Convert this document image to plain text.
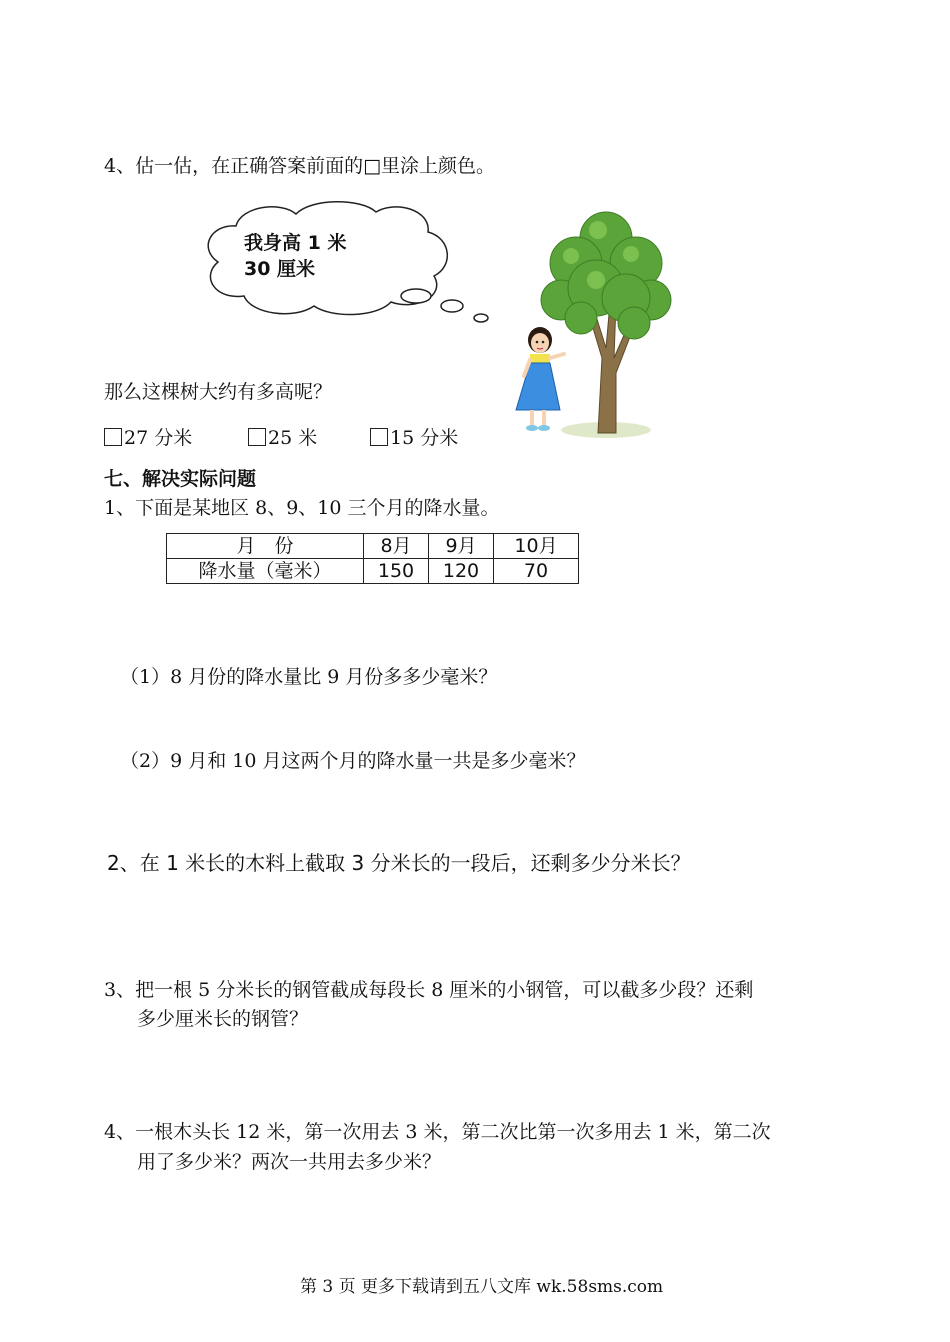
4、估一估，在正确答案前面的□里涂上颜色。
我身高 1 米
30 厘米
那么这棵树大约有多高呢？
27 分米	25 米	15 分米
七、解决实际问题
1、下面是某地区 8、9、10 三个月的降水量。
月　份	8月	9月	10月
降水量（毫米）	150	120	70
（1）8 月份的降水量比 9 月份多多少毫米？
（2）9 月和 10 月这两个月的降水量一共是多少毫米？
2、在 1 米长的木料上截取 3 分米长的一段后，还剩多少分米长？
3、把一根 5 分米长的钢管截成每段长 8 厘米的小钢管，可以截多少段？还剩
多少厘米长的钢管？
4、一根木头长 12 米，第一次用去 3 米，第二次比第一次多用去 1 米，第二次
用了多少米？两次一共用去多少米？
第 3 页 更多下载请到五八文库 wk.58sms.com
